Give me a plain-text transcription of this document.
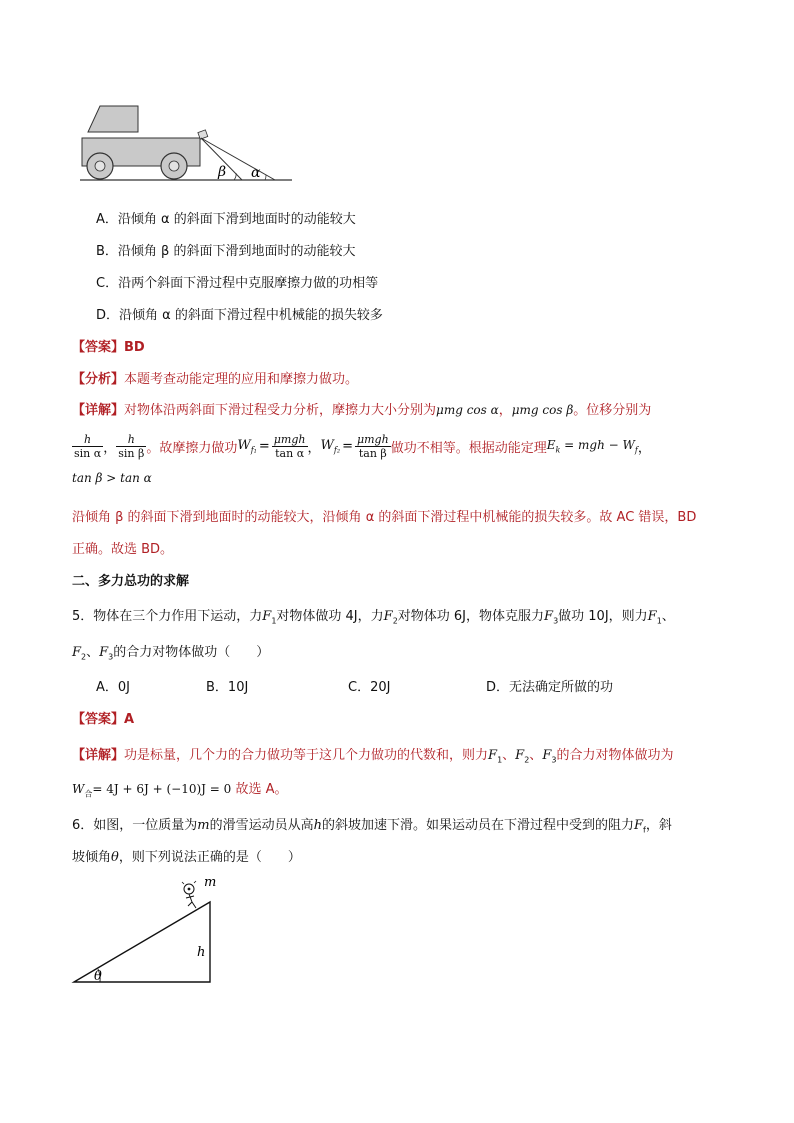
β α
A．沿倾角 α 的斜面下滑到地面时的动能较大
B．沿倾角 β 的斜面下滑到地面时的动能较大
C．沿两个斜面下滑过程中克服摩擦力做的功相等
D．沿倾角 α 的斜面下滑过程中机械能的损失较多
【答案】BD
【分析】本题考查动能定理的应用和摩擦力做功。
【详解】对物体沿两斜面下滑过程受力分析，摩擦力大小分别为μmg cos α，μmg cos β。位移分别为
$\frac{h}{\text{sin α}}$ ， $\frac{h}{\text{sin β}}$ 。故摩擦力做功 $W_{f_1} = \frac{\text{μmgh}}{\text{tan α}}$ ， $W_{f_2} = \frac{\text{μmgh}}{\text{tan β}}$ 做功不相等。根据动能定理 $E_k$ = mgh − $W_f$ ，
tan β > tan α
沿倾角 β 的斜面下滑到地面时的动能较大，沿倾角 α 的斜面下滑过程中机械能的损失较多。故 AC 错误，BD
正确。故选 BD。
二、多力总功的求解
5．物体在三个力作用下运动，力$F_1$对物体做功 4J，力$F_2$对物体功 6J，物体克服力$F_3$做功 10J，则力$F_1$、
$F_2$、$F_3$的合力对物体做功（　　）
A．0J	B．10J	C．20J	D．无法确定所做的功
【答案】A
【详解】功是标量，几个力的合力做功等于这几个力做功的代数和，则力$F_1$、$F_2$、$F_3$的合力对物体做功为
$W_合= 4J + 6J + (-10)J = 0$ 故选 A。
6．如图，一位质量为m的滑雪运动员从高h的斜坡加速下滑。如果运动员在下滑过程中受到的阻力$F_f$，斜
坡倾角θ，则下列说法正确的是（　　）
m
h
θ
